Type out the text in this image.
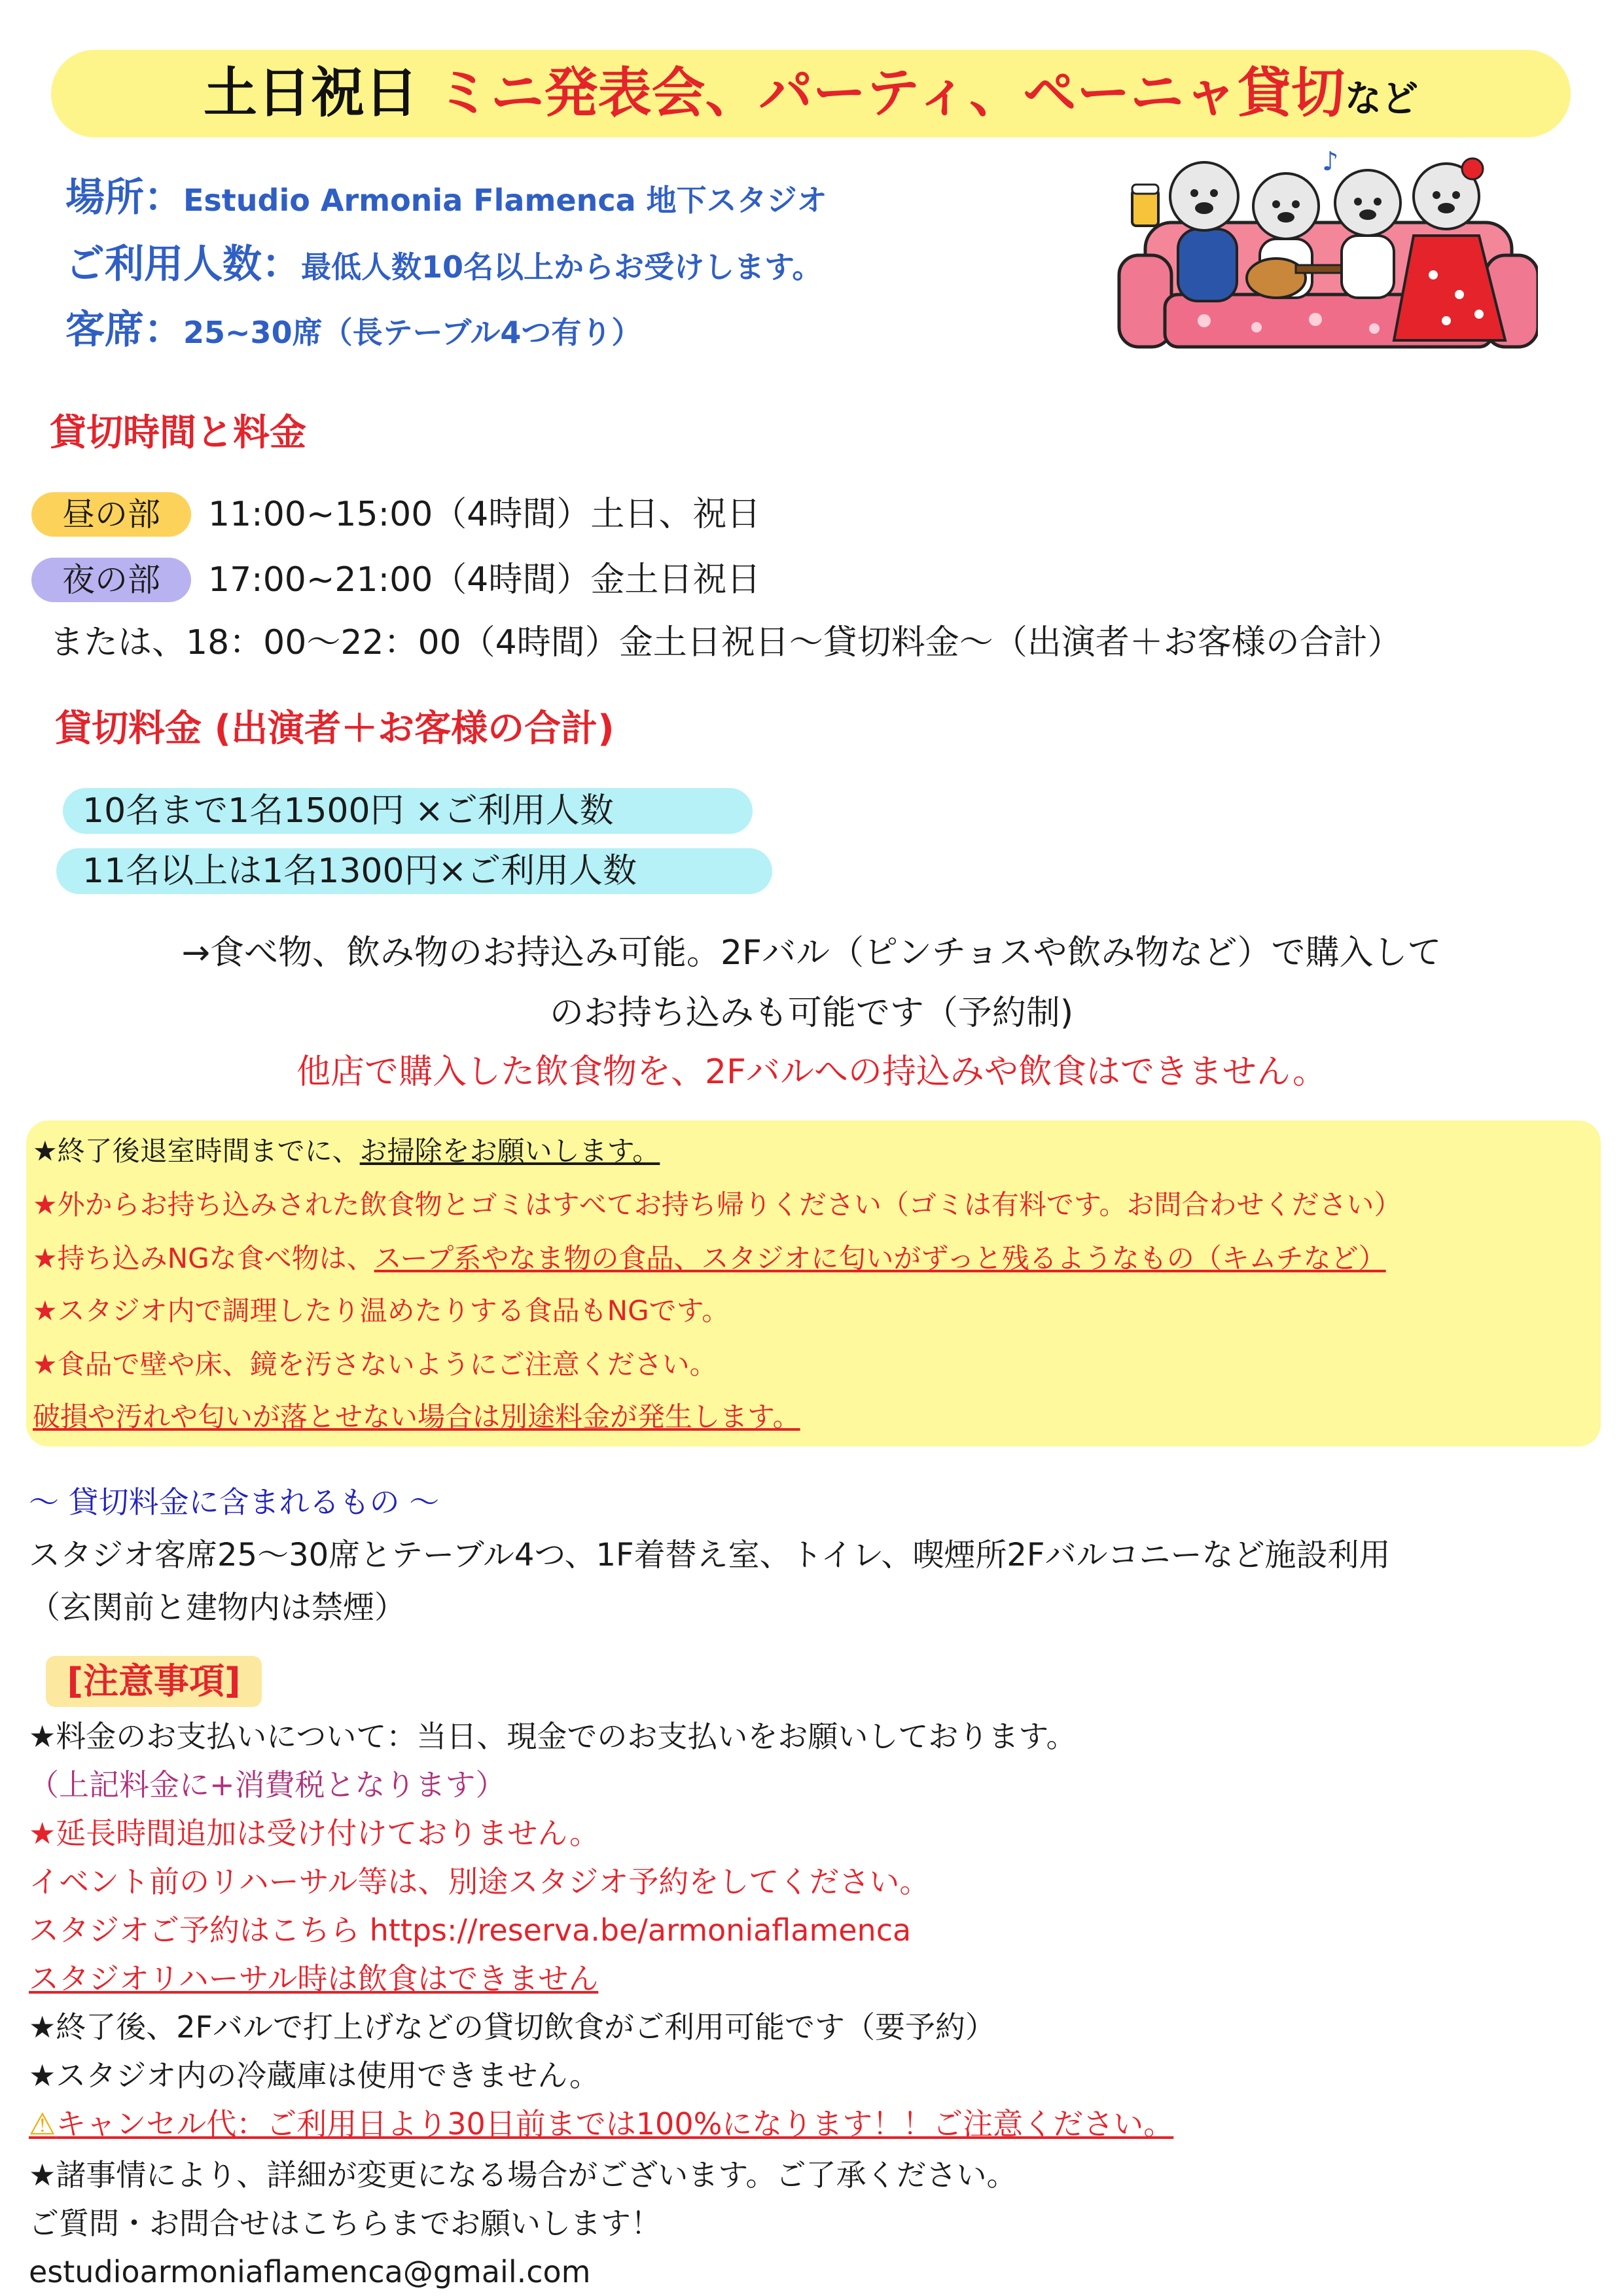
土日祝日 ミニ発表会、パーティ、ペーニャ貸切など
場所：Estudio Armonia Flamenca 地下スタジオ
ご利用人数：最低人数10名以上からお受けします。
客席：25~30席（長テーブル4つ有り）
♪
貸切時間と料金
昼の部	11:00~15:00（4時間）土日、祝日
夜の部	17:00~21:00（4時間）金土日祝日
または、18：00〜22：00（4時間）金土日祝日〜貸切料金〜（出演者＋お客様の合計）
貸切料金 (出演者＋お客様の合計)
10名まで1名1500円 ×ご利用人数
11名以上は1名1300円×ご利用人数
→食べ物、飲み物のお持込み可能。2Fバル（ピンチョスや飲み物など）で購入して
のお持ち込みも可能です（予約制)
他店で購入した飲食物を、2Fバルへの持込みや飲食はできません。
★終了後退室時間までに、お掃除をお願いします。
★外からお持ち込みされた飲食物とゴミはすべてお持ち帰りください（ゴミは有料です。お問合わせください）
★持ち込みNGな食べ物は、スープ系やなま物の食品、スタジオに匂いがずっと残るようなもの（キムチなど）
★スタジオ内で調理したり温めたりする食品もNGです。
★食品で壁や床、鏡を汚さないようにご注意ください。
破損や汚れや匂いが落とせない場合は別途料金が発生します。
〜 貸切料金に含まれるもの 〜
スタジオ客席25〜30席とテーブル4つ、1F着替え室、トイレ、喫煙所2Fバルコニーなど施設利用
（玄関前と建物内は禁煙）
[注意事項]
★料金のお支払いについて：当日、現金でのお支払いをお願いしております。
（上記料金に+消費税となります）
★延長時間追加は受け付けておりません。
イベント前のリハーサル等は、別途スタジオ予約をしてください。
スタジオご予約はこちら https://reserva.be/armoniaflamenca
スタジオリハーサル時は飲食はできません
★終了後、2Fバルで打上げなどの貸切飲食がご利用可能です（要予約）
★スタジオ内の冷蔵庫は使用できません。
⚠キャンセル代：ご利用日より30日前までは100%になります！！ご注意ください。
★諸事情により、詳細が変更になる場合がございます。ご了承ください。
ご質問・お問合せはこちらまでお願いします！
estudioarmoniaflamenca@gmail.com
